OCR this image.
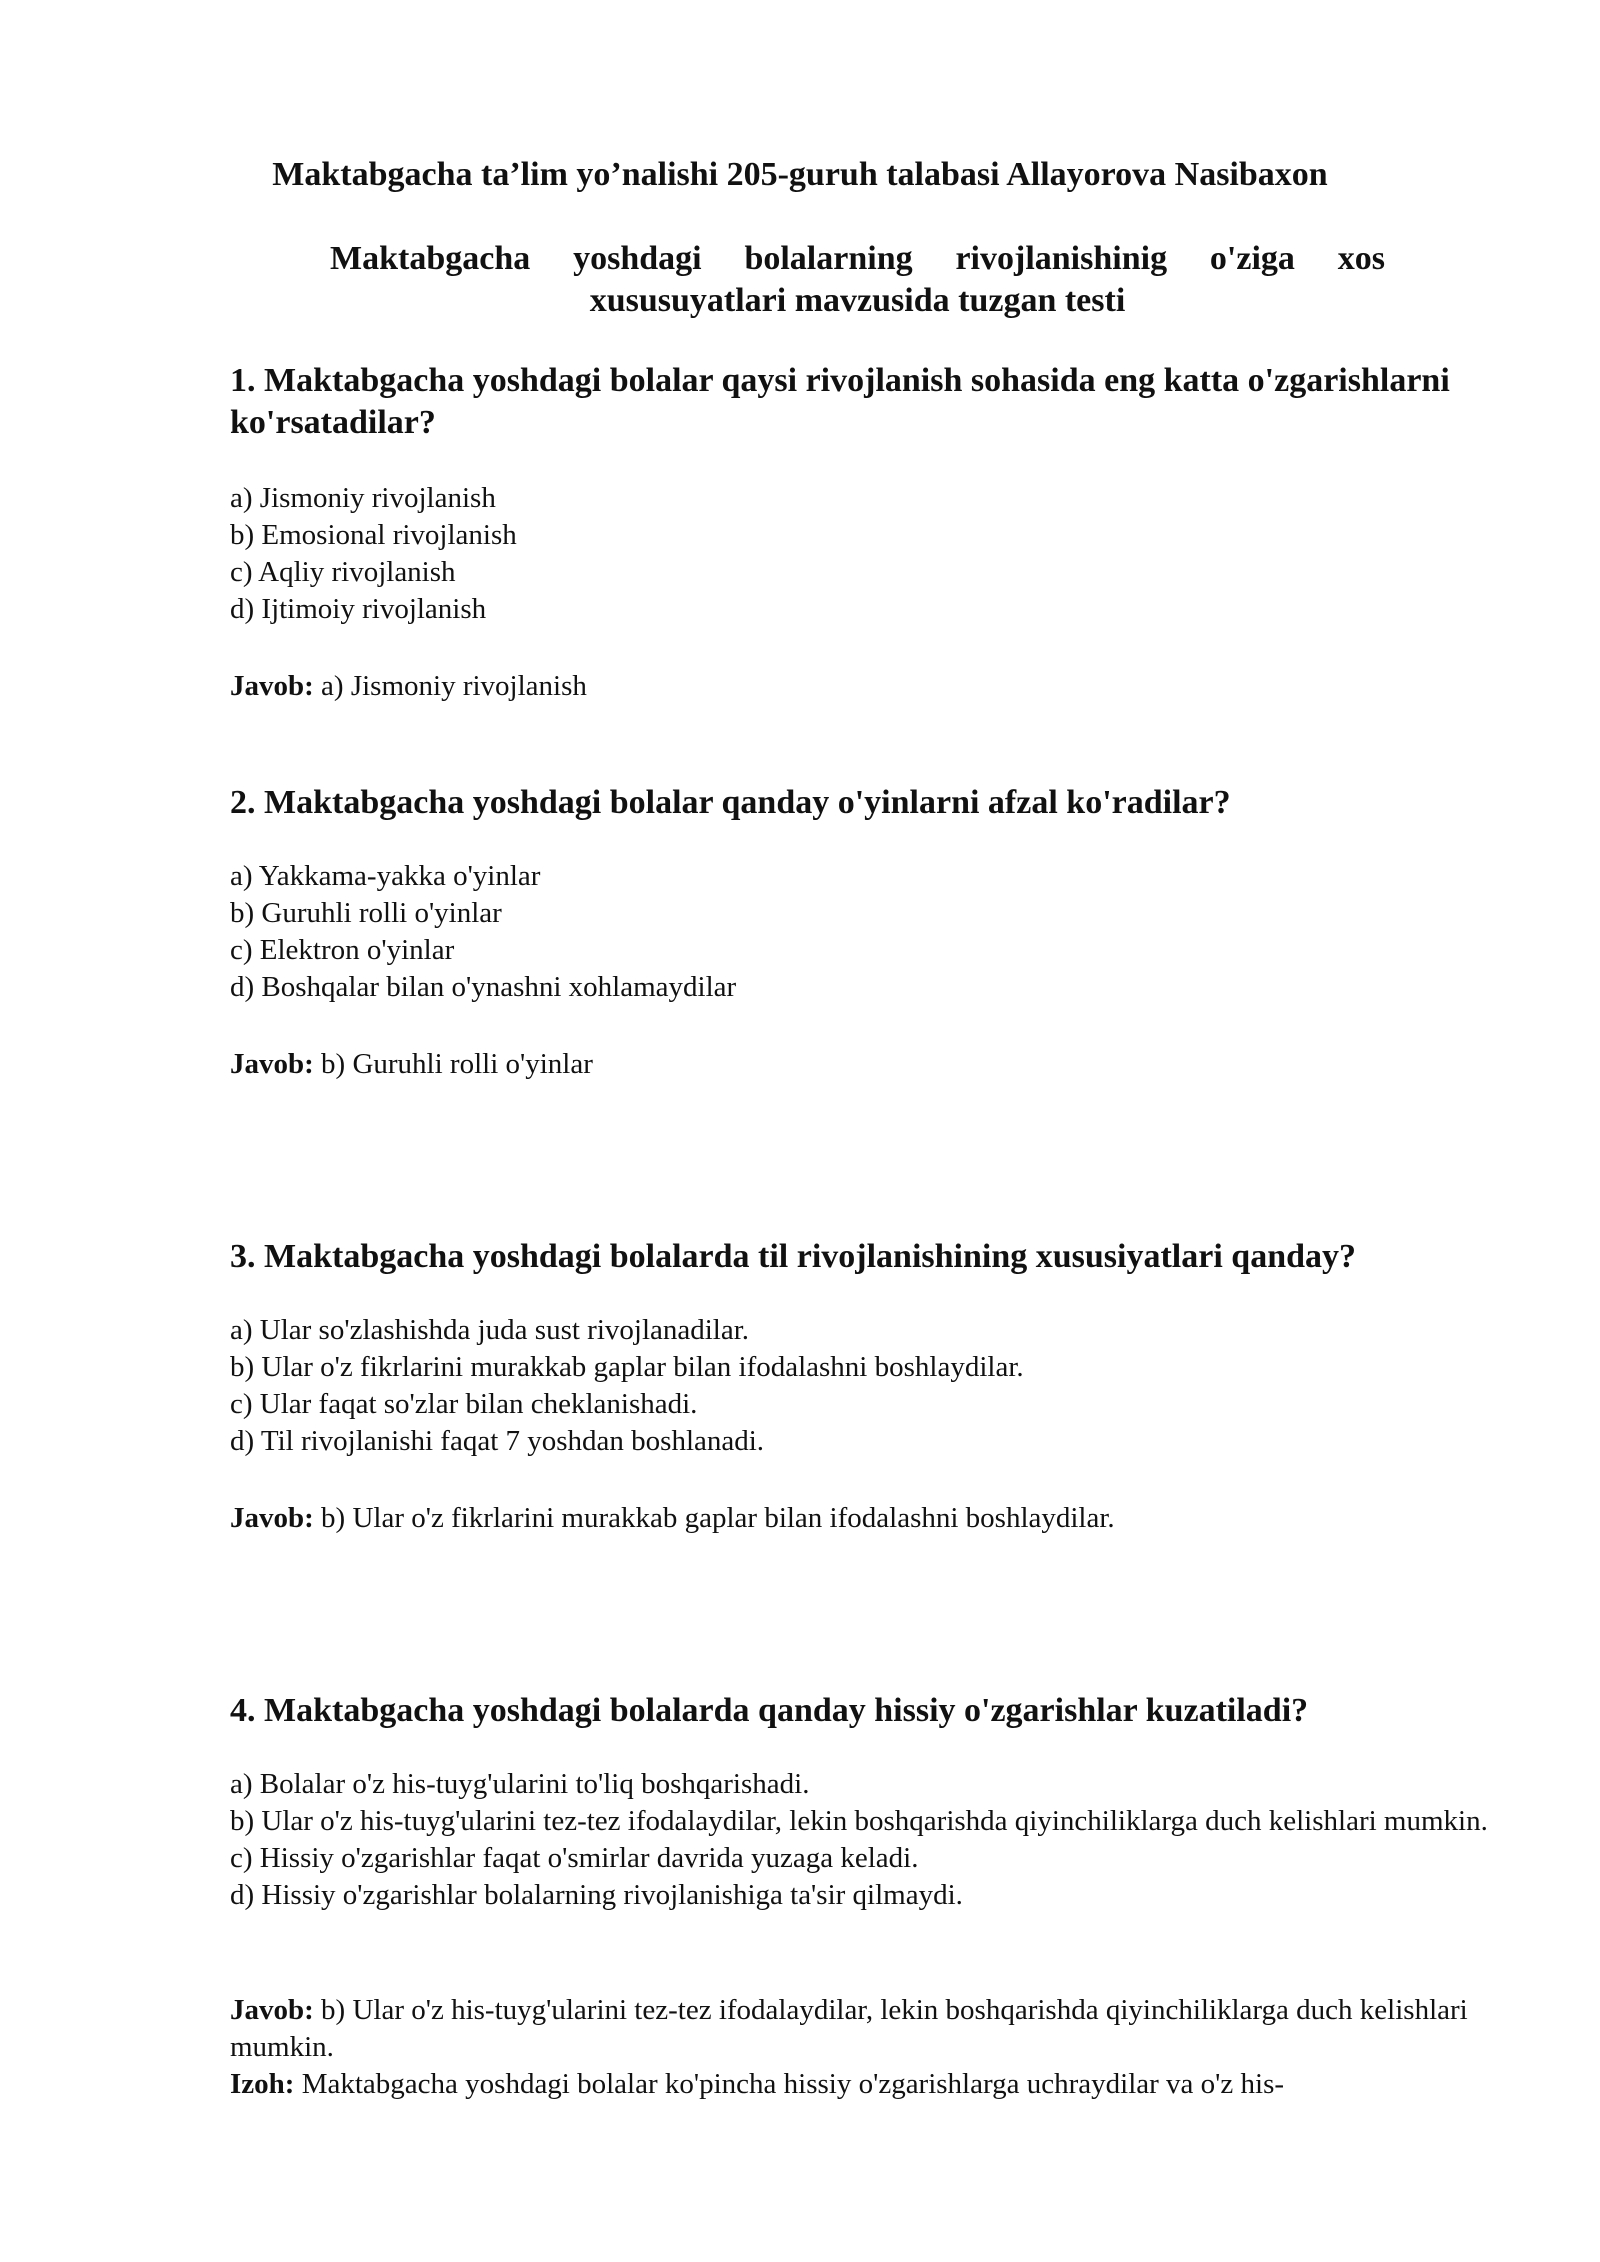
Maktabgacha ta’lim yo’nalishi 205-guruh talabasi Allayorova Nasibaxon
Maktabgacha yoshdagi bolalarning rivojlanishinig o'ziga xos
xususuyatlari mavzusida tuzgan testi
1. Maktabgacha yoshdagi bolalar qaysi rivojlanish sohasida eng katta o'zgarishlarni ko'rsatadilar?
a) Jismoniy rivojlanish
b) Emosional rivojlanish
c) Aqliy rivojlanish
d) Ijtimoiy rivojlanish
Javob: a) Jismoniy rivojlanish
2. Maktabgacha yoshdagi bolalar qanday o'yinlarni afzal ko'radilar?
a) Yakkama-yakka o'yinlar
b) Guruhli rolli o'yinlar
c) Elektron o'yinlar
d) Boshqalar bilan o'ynashni xohlamaydilar
Javob: b) Guruhli rolli o'yinlar
3. Maktabgacha yoshdagi bolalarda til rivojlanishining xususiyatlari qanday?
a) Ular so'zlashishda juda sust rivojlanadilar.
b) Ular o'z fikrlarini murakkab gaplar bilan ifodalashni boshlaydilar.
c) Ular faqat so'zlar bilan cheklanishadi.
d) Til rivojlanishi faqat 7 yoshdan boshlanadi.
Javob: b) Ular o'z fikrlarini murakkab gaplar bilan ifodalashni boshlaydilar.
4. Maktabgacha yoshdagi bolalarda qanday hissiy o'zgarishlar kuzatiladi?
a) Bolalar o'z his-tuyg'ularini to'liq boshqarishadi.
b) Ular o'z his-tuyg'ularini tez-tez ifodalaydilar, lekin boshqarishda qiyinchiliklarga duch kelishlari mumkin.
c) Hissiy o'zgarishlar faqat o'smirlar davrida yuzaga keladi.
d) Hissiy o'zgarishlar bolalarning rivojlanishiga ta'sir qilmaydi.
Javob: b) Ular o'z his-tuyg'ularini tez-tez ifodalaydilar, lekin boshqarishda qiyinchiliklarga duch kelishlari mumkin.
Izoh: Maktabgacha yoshdagi bolalar ko'pincha hissiy o'zgarishlarga uchraydilar va o'z his-
